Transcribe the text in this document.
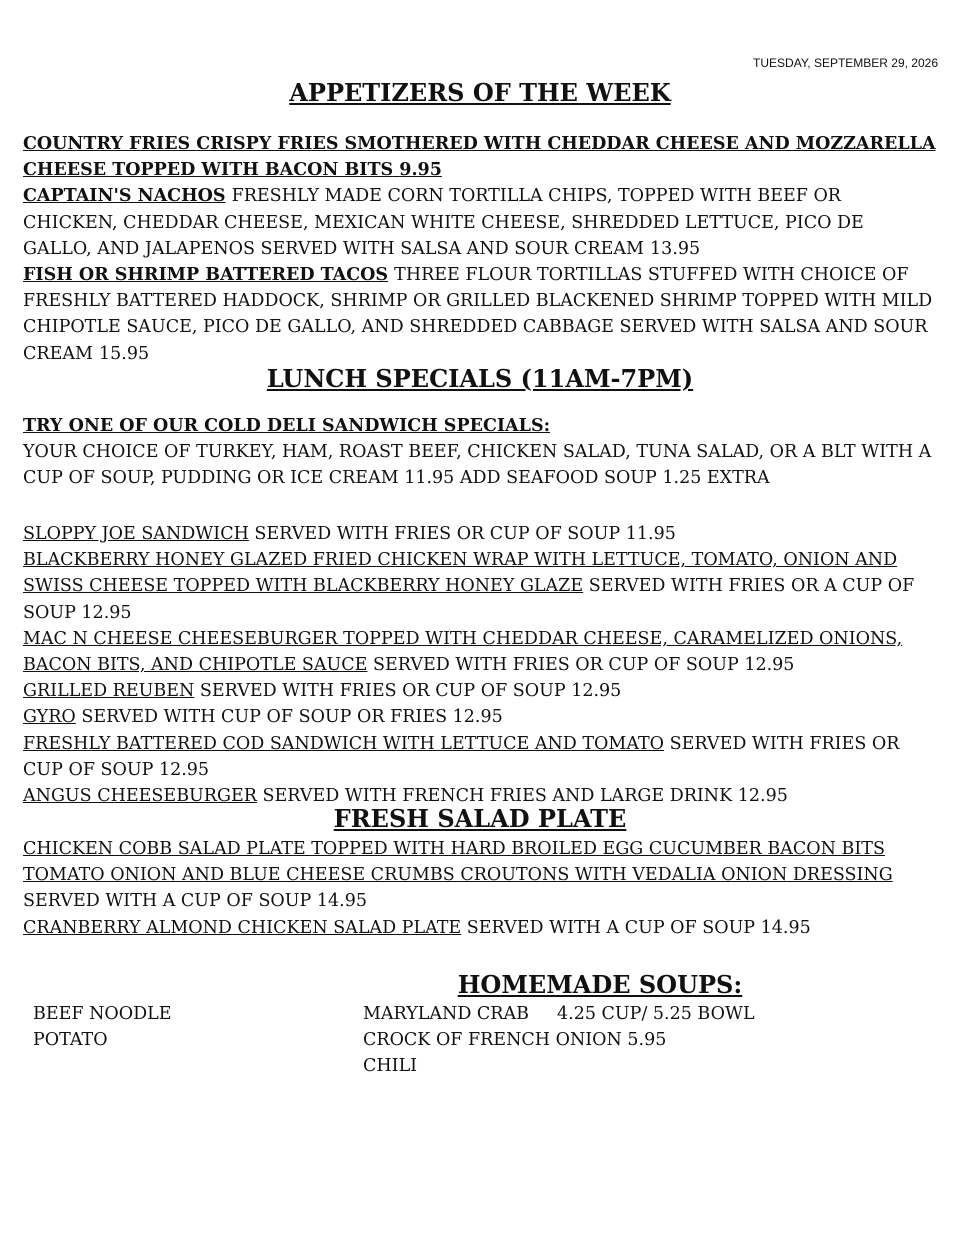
TUESDAY, SEPTEMBER 29, 2026
APPETIZERS OF THE WEEK
COUNTRY FRIES CRISPY FRIES SMOTHERED WITH CHEDDAR CHEESE AND MOZZARELLA CHEESE TOPPED WITH BACON BITS 9.95
CAPTAIN'S NACHOS FRESHLY MADE CORN TORTILLA CHIPS, TOPPED WITH BEEF OR CHICKEN, CHEDDAR CHEESE, MEXICAN WHITE CHEESE, SHREDDED LETTUCE, PICO DE GALLO, AND JALAPENOS SERVED WITH SALSA AND SOUR CREAM 13.95
FISH OR SHRIMP BATTERED TACOS THREE FLOUR TORTILLAS STUFFED WITH CHOICE OF FRESHLY BATTERED HADDOCK, SHRIMP OR GRILLED BLACKENED SHRIMP TOPPED WITH MILD CHIPOTLE SAUCE, PICO DE GALLO, AND SHREDDED CABBAGE SERVED WITH SALSA AND SOUR CREAM 15.95
LUNCH SPECIALS (11AM-7PM)
TRY ONE OF OUR COLD DELI SANDWICH SPECIALS:
YOUR CHOICE OF TURKEY, HAM, ROAST BEEF, CHICKEN SALAD, TUNA SALAD, OR A BLT WITH A CUP OF SOUP, PUDDING OR ICE CREAM 11.95 ADD SEAFOOD SOUP 1.25 EXTRA
SLOPPY JOE SANDWICH SERVED WITH FRIES OR CUP OF SOUP 11.95
BLACKBERRY HONEY GLAZED FRIED CHICKEN WRAP WITH LETTUCE, TOMATO, ONION AND SWISS CHEESE TOPPED WITH BLACKBERRY HONEY GLAZE SERVED WITH FRIES OR A CUP OF SOUP 12.95
MAC N CHEESE CHEESEBURGER TOPPED WITH CHEDDAR CHEESE, CARAMELIZED ONIONS, BACON BITS, AND CHIPOTLE SAUCE SERVED WITH FRIES OR CUP OF SOUP 12.95
GRILLED REUBEN SERVED WITH FRIES OR CUP OF SOUP 12.95
GYRO SERVED WITH CUP OF SOUP OR FRIES 12.95
FRESHLY BATTERED COD SANDWICH WITH LETTUCE AND TOMATO SERVED WITH FRIES OR CUP OF SOUP 12.95
ANGUS CHEESEBURGER SERVED WITH FRENCH FRIES AND LARGE DRINK 12.95
FRESH SALAD PLATE
CHICKEN COBB SALAD PLATE TOPPED WITH HARD BROILED EGG CUCUMBER BACON BITS TOMATO ONION AND BLUE CHEESE CRUMBS CROUTONS WITH VEDALIA ONION DRESSING SERVED WITH A CUP OF SOUP 14.95
CRANBERRY ALMOND CHICKEN SALAD PLATE SERVED WITH A CUP OF SOUP 14.95
HOMEMADE SOUPS:
BEEF NOODLE
POTATO
MARYLAND CRAB
CROCK OF FRENCH ONION 5.95
CHILI
4.25 CUP/ 5.25 BOWL
